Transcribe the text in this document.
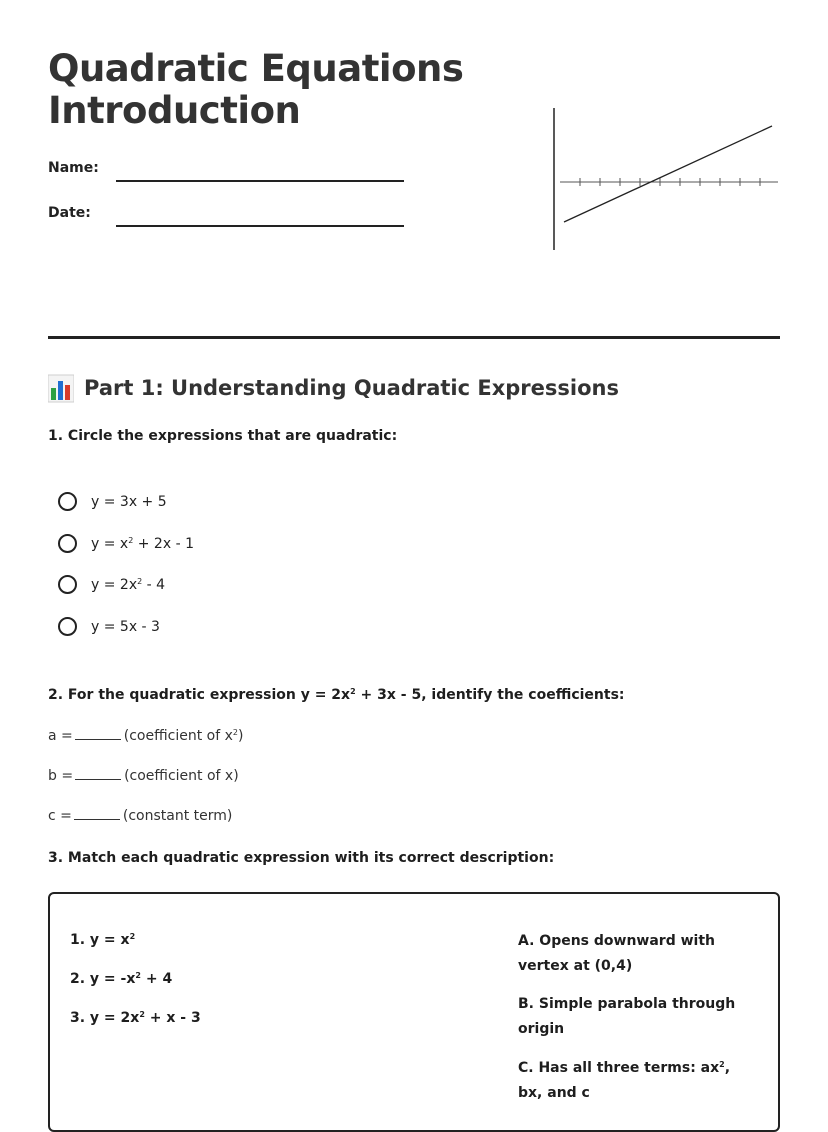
Quadratic Equations
Introduction
Name:
Date:
Part 1: Understanding Quadratic Expressions
1. Circle the expressions that are quadratic:
y = 3x + 5
$y = x^2 + 2x - 1$
$y = 2x^2 - 4$
y = 5x - 3
2. For the quadratic expression $y = 2x^2 + 3x - 5$, identify the coefficients:
a =	(coefficient of $x^2$)
b =	(coefficient of x)
c =	(constant term)
3. Match each quadratic expression with its correct description:
1. $y = x^2$
2. $y = -x^2 + 4$
3. $y = 2x^2 + x - 3$
A. Opens downward with vertex at (0,4)
B. Simple parabola through origin
C. Has all three terms: $ax^2$, bx, and c
